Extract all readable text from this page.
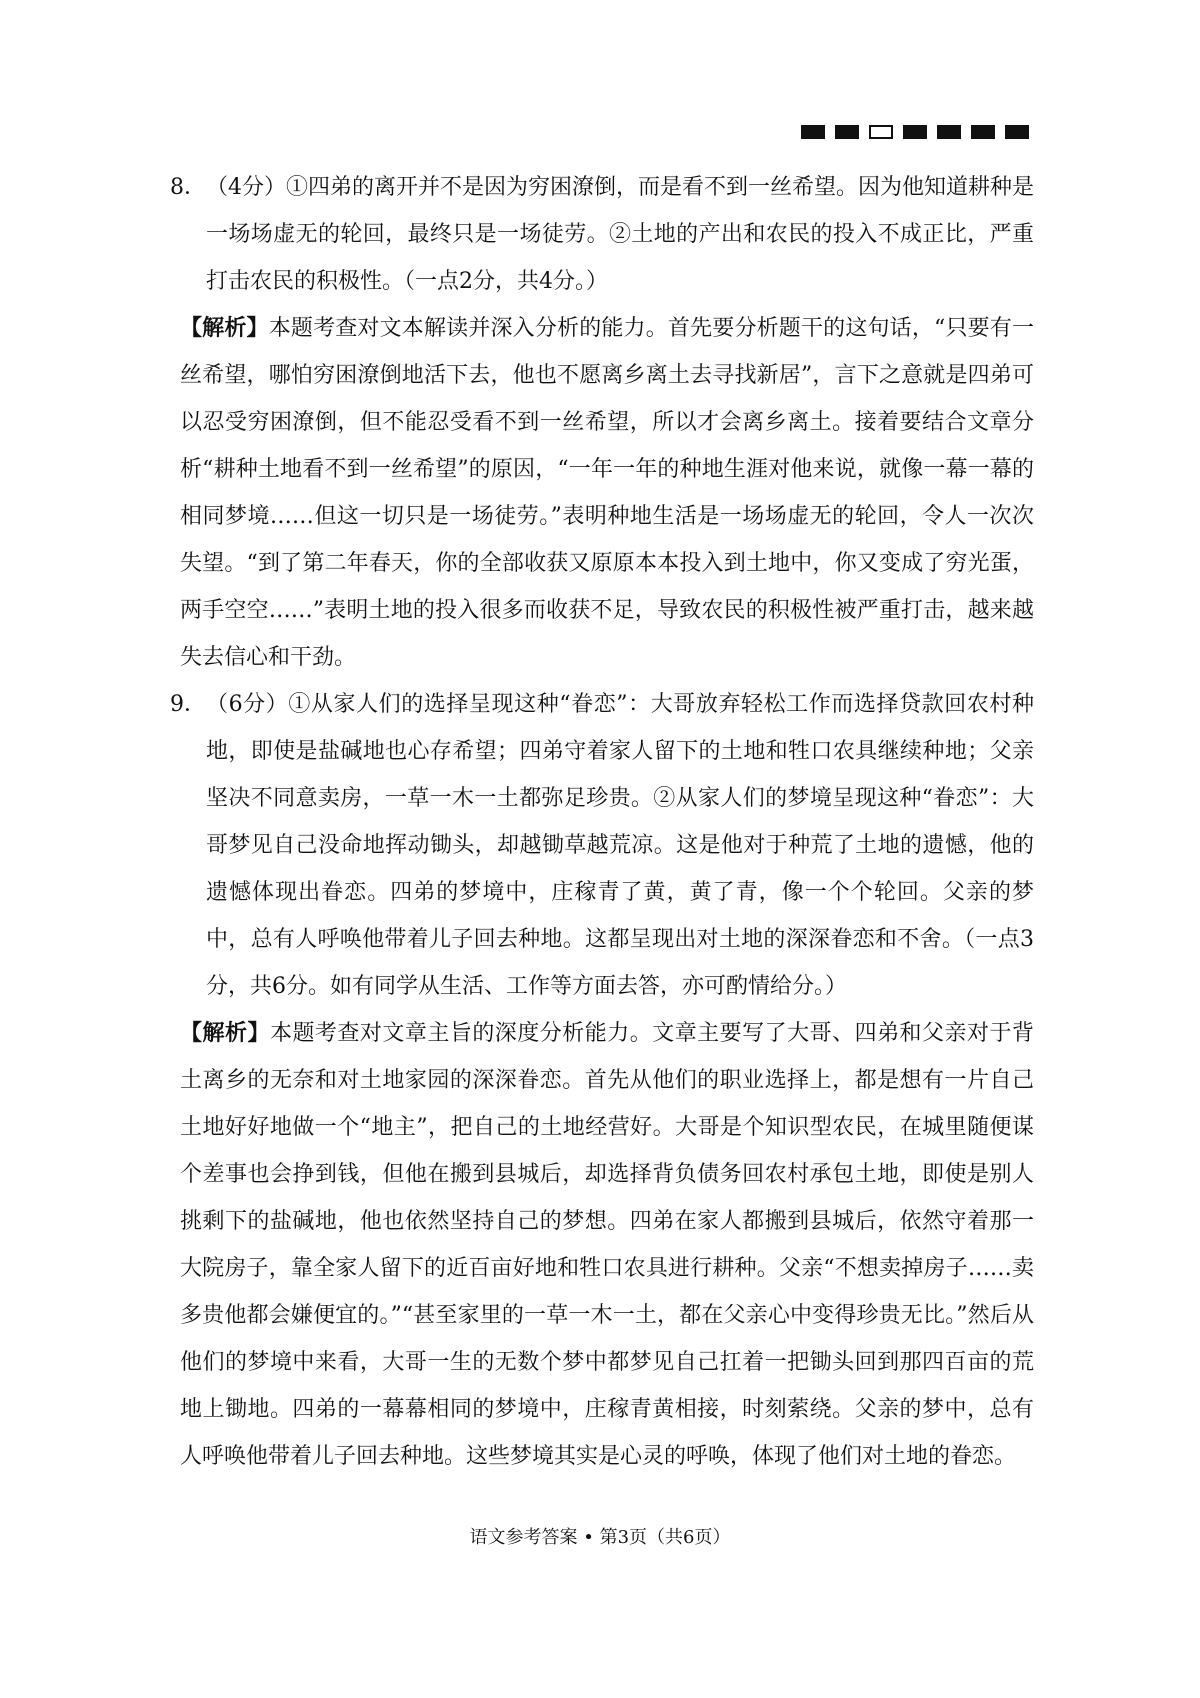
8． （4分）①四弟的离开并不是因为穷困潦倒，而是看不到一丝希望。因为他知道耕种是一场场虚无的轮回，最终只是一场徒劳。②土地的产出和农民的投入不成正比，严重打击农民的积极性。（一点2分，共4分。）

【解析】本题考查对文本解读并深入分析的能力。首先要分析题干的这句话，“只要有一丝希望，哪怕穷困潦倒地活下去，他也不愿离乡离土去寻找新居”，言下之意就是四弟可以忍受穷困潦倒，但不能忍受看不到一丝希望，所以才会离乡离土。接着要结合文章分析“耕种土地看不到一丝希望”的原因，“一年一年的种地生涯对他来说，就像一幕一幕的相同梦境……但这一切只是一场徒劳。”表明种地生活是一场场虚无的轮回，令人一次次失望。“到了第二年春天，你的全部收获又原原本本投入到土地中，你又变成了穷光蛋，两手空空……”表明土地的投入很多而收获不足，导致农民的积极性被严重打击，越来越失去信心和干劲。

9． （6分）①从家人们的选择呈现这种“眷恋”：大哥放弃轻松工作而选择贷款回农村种地，即使是盐碱地也心存希望；四弟守着家人留下的土地和牲口农具继续种地；父亲坚决不同意卖房，一草一木一土都弥足珍贵。②从家人们的梦境呈现这种“眷恋”：大哥梦见自己没命地挥动锄头，却越锄草越荒凉。这是他对于种荒了土地的遗憾，他的遗憾体现出眷恋。四弟的梦境中，庄稼青了黄，黄了青，像一个个轮回。父亲的梦中，总有人呼唤他带着儿子回去种地。这都呈现出对土地的深深眷恋和不舍。（一点3分，共6分。如有同学从生活、工作等方面去答，亦可酌情给分。）

【解析】本题考查对文章主旨的深度分析能力。文章主要写了大哥、四弟和父亲对于背土离乡的无奈和对土地家园的深深眷恋。首先从他们的职业选择上，都是想有一片自己土地好好地做一个“地主”，把自己的土地经营好。大哥是个知识型农民，在城里随便谋个差事也会挣到钱，但他在搬到县城后，却选择背负债务回农村承包土地，即使是别人挑剩下的盐碱地，他也依然坚持自己的梦想。四弟在家人都搬到县城后，依然守着那一大院房子，靠全家人留下的近百亩好地和牲口农具进行耕种。父亲“不想卖掉房子……卖多贵他都会嫌便宜的。”“甚至家里的一草一木一土，都在父亲心中变得珍贵无比。”然后从他们的梦境中来看，大哥一生的无数个梦中都梦见自己扛着一把锄头回到那四百亩的荒地上锄地。四弟的一幕幕相同的梦境中，庄稼青黄相接，时刻萦绕。父亲的梦中，总有人呼唤他带着儿子回去种地。这些梦境其实是心灵的呼唤，体现了他们对土地的眷恋。

语文参考答案 • 第3页（共6页）
